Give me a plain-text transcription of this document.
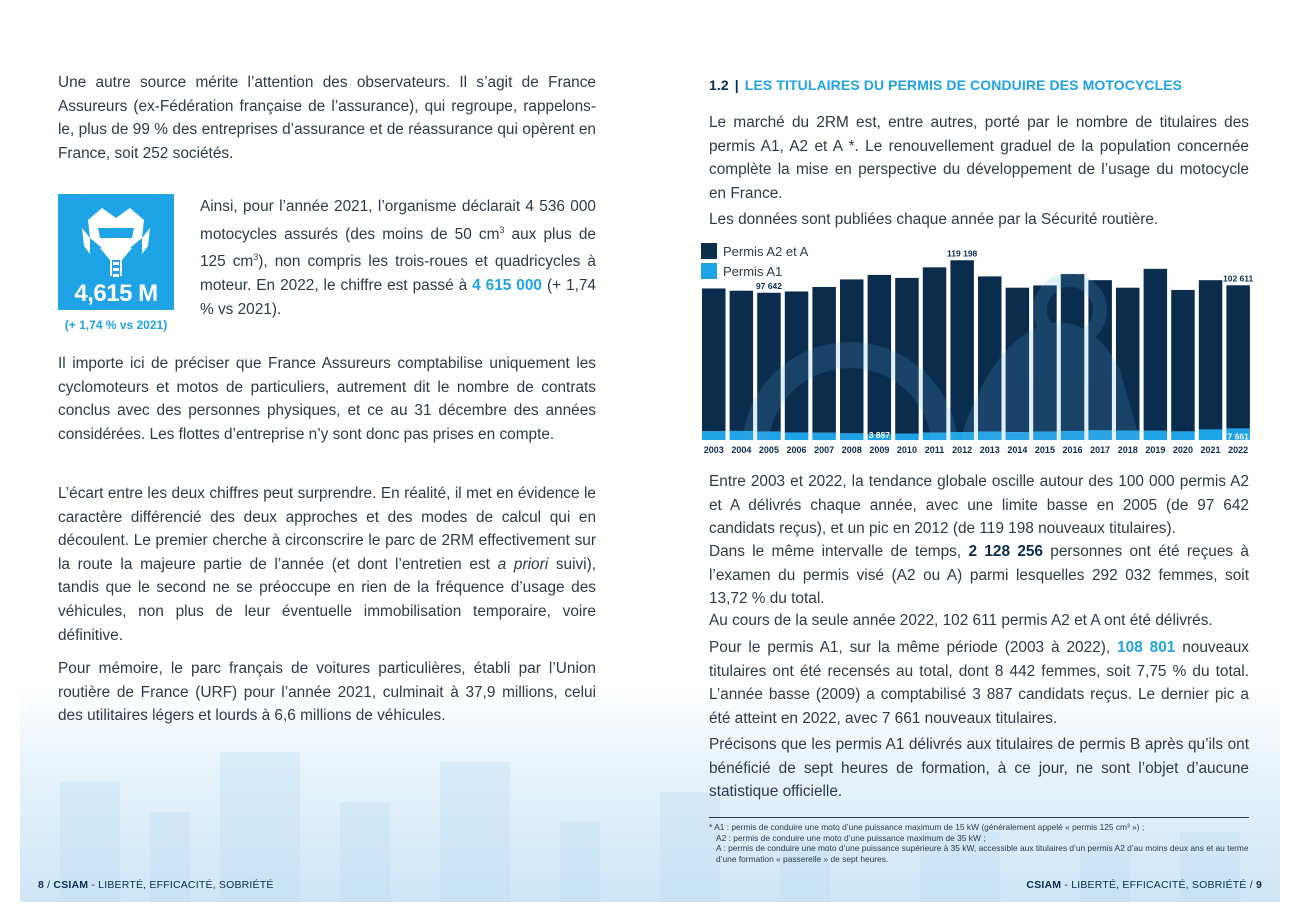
Une autre source mérite l’attention des observateurs. Il s’agit de France Assureurs (ex-Fédération française de l’assurance), qui regroupe, rappelons-le, plus de 99 % des entreprises d’assurance et de réassurance qui opèrent en France, soit 252 sociétés.

4,615 M
(+ 1,74 % vs 2021)

Ainsi, pour l’année 2021, l’organisme déclarait 4 536 000 motocycles assurés (des moins de 50 $cm^3$ aux plus de 125 $cm^3$), non compris les trois-roues et quadricycles à moteur. En 2022, le chiffre est passé à 4 615 000 (+ 1,74 % vs 2021).

Il importe ici de préciser que France Assureurs comptabilise uniquement les cyclomoteurs et motos de particuliers, autrement dit le nombre de contrats conclus avec des personnes physiques, et ce au 31 décembre des années considérées. Les flottes d’entreprise n’y sont donc pas prises en compte.

L’écart entre les deux chiffres peut surprendre. En réalité, il met en évidence le caractère différencié des deux approches et des modes de calcul qui en découlent. Le premier cherche à circonscrire le parc de 2RM effectivement sur la route la majeure partie de l’année (et dont l’entretien est a priori suivi), tandis que le second ne se préoccupe en rien de la fréquence d’usage des véhicules, non plus de leur éventuelle immobilisation temporaire, voire définitive.

Pour mémoire, le parc français de voitures particulières, établi par l’Union routière de France (URF) pour l’année 2021, culminait à 37,9 millions, celui des utilitaires légers et lourds à 6,6 millions de véhicules.

1.2 | LES TITULAIRES DU PERMIS DE CONDUIRE DES MOTOCYCLES

Le marché du 2RM est, entre autres, porté par le nombre de titulaires des permis A1, A2 et A *. Le renouvellement graduel de la population concernée complète la mise en perspective du développement de l’usage du motocycle en France.

Les données sont publiées chaque année par la Sécurité routière.

Permis A2 et A
Permis A1
2003 2004 2005 2006 2007 2008 2009 2010 2011 2012 2013 2014 2015 2016 2017 2018 2019 2020 2021 2022
97 642
119 198
102 611
3 887	7 661

Entre 2003 et 2022, la tendance globale oscille autour des 100 000 permis A2 et A délivrés chaque année, avec une limite basse en 2005 (de 97 642 candidats reçus), et un pic en 2012 (de 119 198 nouveaux titulaires).

Dans le même intervalle de temps, 2 128 256 personnes ont été reçues à l’examen du permis visé (A2 ou A) parmi lesquelles 292 032 femmes, soit 13,72 % du total.

Au cours de la seule année 2022, 102 611 permis A2 et A ont été délivrés.

Pour le permis A1, sur la même période (2003 à 2022), 108 801 nouveaux titulaires ont été recensés au total, dont 8 442 femmes, soit 7,75 % du total. L’année basse (2009) a comptabilisé 3 887 candidats reçus. Le dernier pic a été atteint en 2022, avec 7 661 nouveaux titulaires.

Précisons que les permis A1 délivrés aux titulaires de permis B après qu’ils ont bénéficié de sept heures de formation, à ce jour, ne sont l’objet d’aucune statistique officielle.

* A1 : permis de conduire une moto d’une puissance maximum de 15 kW (généralement appelé « permis 125 cm³ ») ;
A2 : permis de conduire une moto d’une puissance maximum de 35 kW ;
A : permis de conduire une moto d’une puissance supérieure à 35 kW, accessible aux titulaires d’un permis A2 d’au moins deux ans et au terme d’une formation « passerelle » de sept heures.
8 / CSIAM - LIBERTÉ, EFFICACITÉ, SOBRIÉTÉ	CSIAM - LIBERTÉ, EFFICACITÉ, SOBRIÉTÉ / 9
